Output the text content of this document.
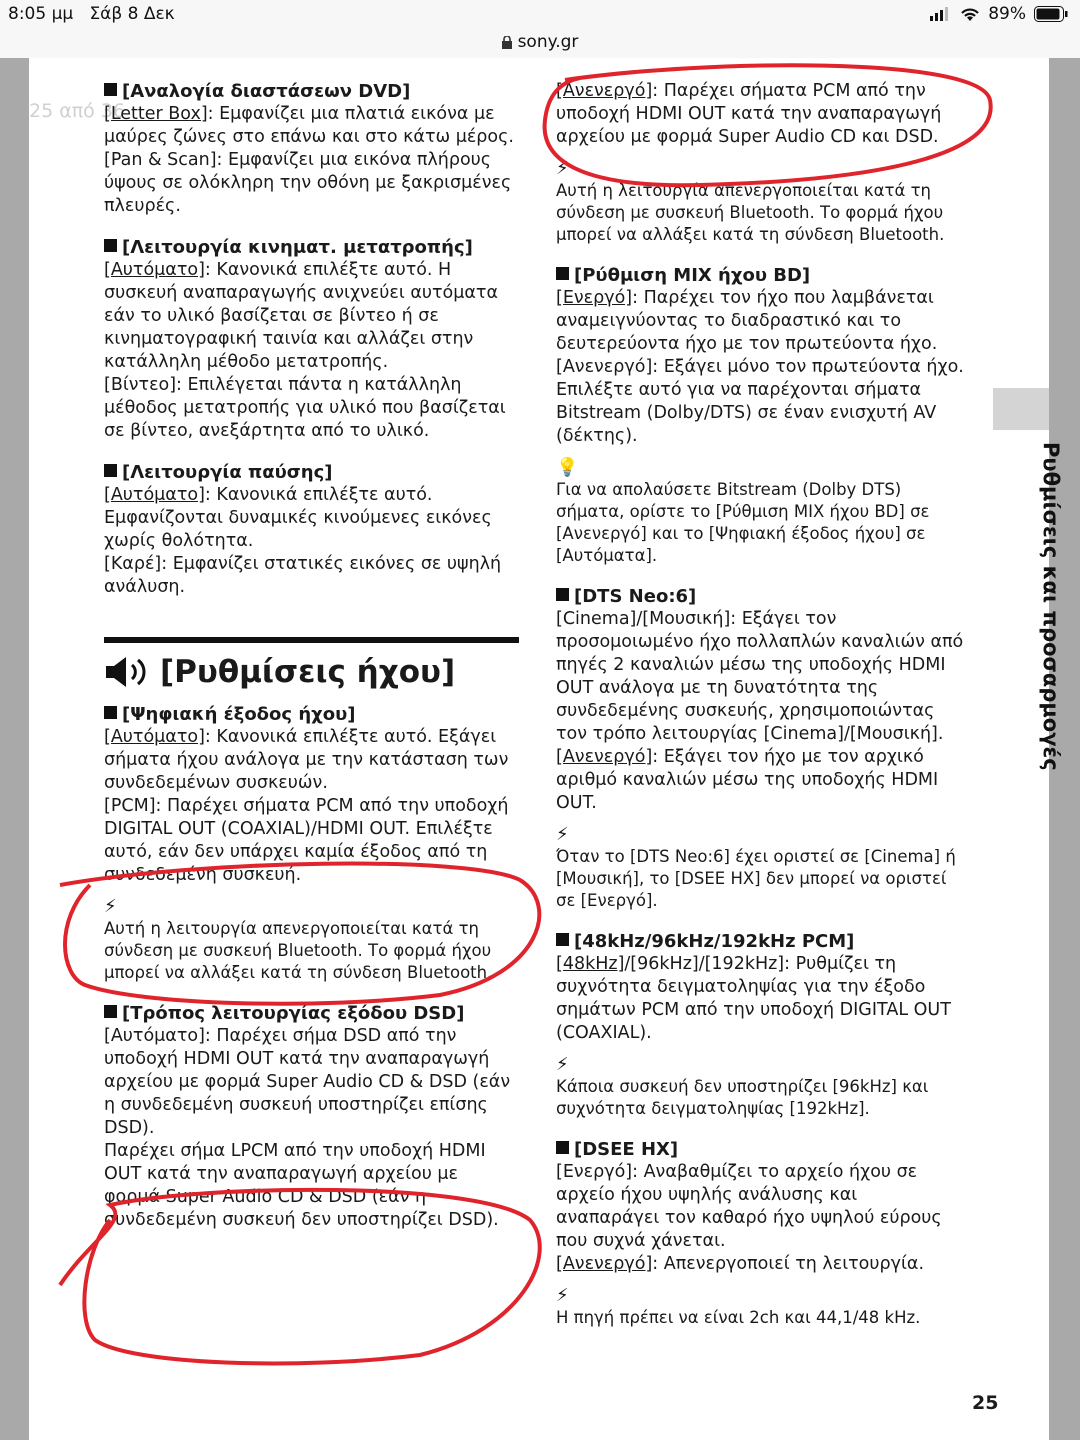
8:05 μμ Σάβ 8 Δεκ	89%
sony.gr
25 από 36
[Αναλογία διαστάσεων DVD]

[Letter Box]: Εμφανίζει μια πλατιά εικόνα με μαύρες ζώνες στο επάνω και στο κάτω μέρος.

[Pan & Scan]: Εμφανίζει μια εικόνα πλήρους ύψους σε ολόκληρη την οθόνη με ξακρισμένες πλευρές.

[Λειτουργία κινηματ. μετατροπής]

[Αυτόματο]: Κανονικά επιλέξτε αυτό. Η συσκευή αναπαραγωγής ανιχνεύει αυτόματα εάν το υλικό βασίζεται σε βίντεο ή σε κινηματογραφική ταινία και αλλάζει στην κατάλληλη μέθοδο μετατροπής.

[Βίντεο]: Επιλέγεται πάντα η κατάλληλη μέθοδος μετατροπής για υλικό που βασίζεται σε βίντεο, ανεξάρτητα από το υλικό.

[Λειτουργία παύσης]

[Αυτόματο]: Κανονικά επιλέξτε αυτό. Εμφανίζονται δυναμικές κινούμενες εικόνες χωρίς θολότητα.

[Καρέ]: Εμφανίζει στατικές εικόνες σε υψηλή ανάλυση.

[Ρυθμίσεις ήχου]
[Ψηφιακή έξοδος ήχου]

[Αυτόματο]: Κανονικά επιλέξτε αυτό. Εξάγει σήματα ήχου ανάλογα με την κατάσταση των συνδεδεμένων συσκευών.

[PCM]: Παρέχει σήματα PCM από την υποδοχή DIGITAL OUT (COAXIAL)/HDMI OUT. Επιλέξτε αυτό, εάν δεν υπάρχει καμία έξοδος από τη συνδεδεμένη συσκευή.

⚡

Αυτή η λειτουργία απενεργοποιείται κατά τη σύνδεση με συσκευή Bluetooth. Το φορμά ήχου μπορεί να αλλάξει κατά τη σύνδεση Bluetooth.

[Τρόπος λειτουργίας εξόδου DSD]

[Αυτόματο]: Παρέχει σήμα DSD από την υποδοχή HDMI OUT κατά την αναπαραγωγή αρχείου με φορμά Super Audio CD & DSD (εάν η συνδεδεμένη συσκευή υποστηρίζει επίσης DSD).

Παρέχει σήμα LPCM από την υποδοχή HDMI OUT κατά την αναπαραγωγή αρχείου με φορμά Super Audio CD & DSD (εάν η συνδεδεμένη συσκευή δεν υποστηρίζει DSD).

[Ανενεργό]: Παρέχει σήματα PCM από την υποδοχή HDMI OUT κατά την αναπαραγωγή αρχείου με φορμά Super Audio CD και DSD.

⚡

Αυτή η λειτουργία απενεργοποιείται κατά τη σύνδεση με συσκευή Bluetooth. Το φορμά ήχου μπορεί να αλλάξει κατά τη σύνδεση Bluetooth.

[Ρύθμιση MIX ήχου BD]

[Ενεργό]: Παρέχει τον ήχο που λαμβάνεται αναμειγνύοντας το διαδραστικό και το δευτερεύοντα ήχο με τον πρωτεύοντα ήχο.

[Ανενεργό]: Εξάγει μόνο τον πρωτεύοντα ήχο. Επιλέξτε αυτό για να παρέχονται σήματα Bitstream (Dolby/DTS) σε έναν ενισχυτή AV (δέκτης).

💡

Για να απολαύσετε Bitstream (Dolby DTS) σήματα, ορίστε το [Ρύθμιση MIX ήχου BD] σε [Ανενεργό] και το [Ψηφιακή έξοδος ήχου] σε [Αυτόματα].

[DTS Neo:6]

[Cinema]/[Μουσική]: Εξάγει τον προσομοιωμένο ήχο πολλαπλών καναλιών από πηγές 2 καναλιών μέσω της υποδοχής HDMI OUT ανάλογα με τη δυνατότητα της συνδεδεμένης συσκευής, χρησιμοποιώντας τον τρόπο λειτουργίας [Cinema]/[Μουσική].

[Ανενεργό]: Εξάγει τον ήχο με τον αρχικό αριθμό καναλιών μέσω της υποδοχής HDMI OUT.

⚡

Όταν το [DTS Neo:6] έχει οριστεί σε [Cinema] ή [Μουσική], το [DSEE HX] δεν μπορεί να οριστεί σε [Ενεργό].

[48kHz/96kHz/192kHz PCM]

[48kHz]/[96kHz]/[192kHz]: Ρυθμίζει τη συχνότητα δειγματοληψίας για την έξοδο σημάτων PCM από την υποδοχή DIGITAL OUT (COAXIAL).

⚡

Κάποια συσκευή δεν υποστηρίζει [96kHz] και συχνότητα δειγματοληψίας [192kHz].

[DSEE HX]

[Ενεργό]: Αναβαθμίζει το αρχείο ήχου σε αρχείο ήχου υψηλής ανάλυσης και αναπαράγει τον καθαρό ήχο υψηλού εύρους που συχνά χάνεται.

[Ανενεργό]: Απενεργοποιεί τη λειτουργία.

⚡

Η πηγή πρέπει να είναι 2ch και 44,1/48 kHz.

Ρυθμίσεις και προσαρμογές
25
